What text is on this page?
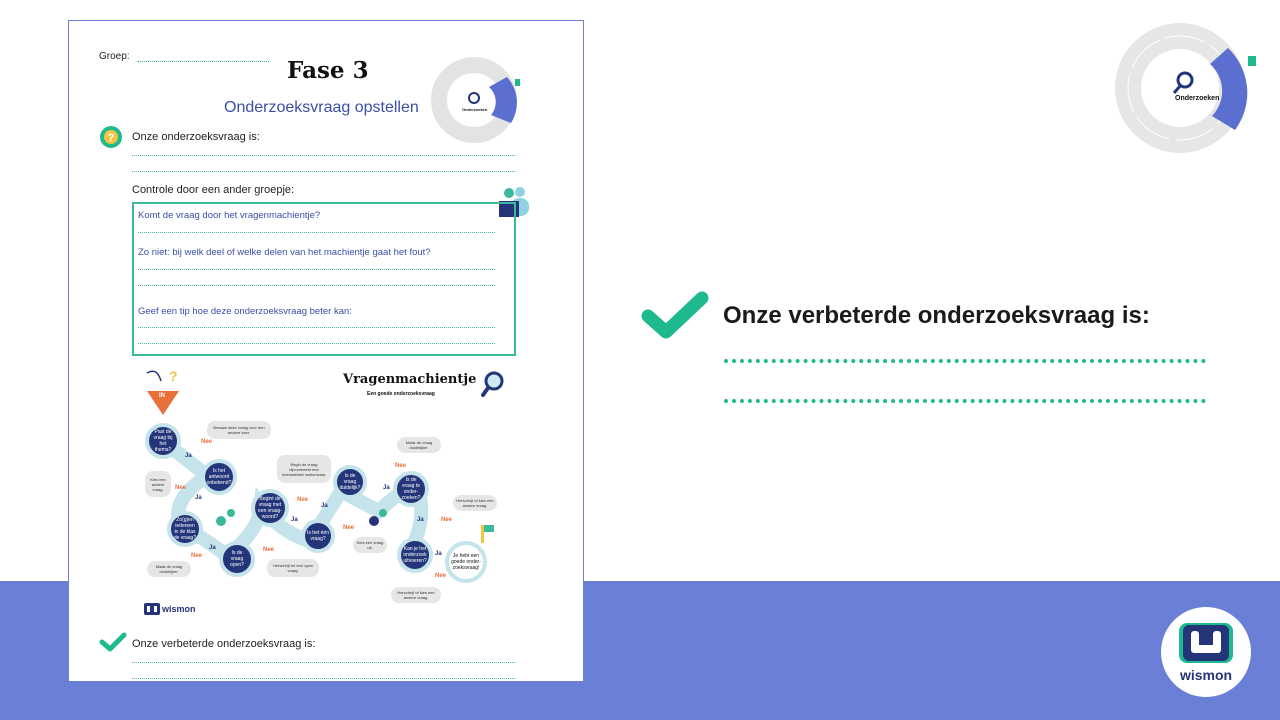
Groep:
Fase 3
Onderzoeksvraag opstellen	Onderzoeken
? Onze onderzoeksvraag is:
Controle door een ander groepje:
Komt de vraag door het vragenmachientje?
Zo niet: bij welk deel of welke delen van het machientje gaat het fout?
Geef een tip hoe deze onderzoeksvraag beter kan:
Vragenmachientje
Een goede onderzoeksvraag
?
IN
Past de vraag bij het thema?
Is het antwoord onbekend?
Zo(g)en iedereen in de klas de vraag?
Is de vraag open?
Begint de vraag met een vraag-woord?
Is het één vraag?
Is de vraag duidelijk?
Is de vraag te onder-zoeken?
Kan je het onderzoek uitvoeren?
Je hebt een goede onder-zoeksvraag!
Bewaar deze vraag voor een andere keer.
Kies een andere vraag.
Maak de vraag duidelijker.
Herschrijf tot een open vraag.
Begin de vraag bijvoorbeeld met hoe/wat/wie/ welke/waar.
Kies één vraag uit.
Maak de vraag duidelijker.
Herschrijf of kies een andere vraag.
Herschrijf of kies een andere vraag.
Nee
Ja
Nee
Ja
Ja
Nee
Nee
Ja
Nee
Ja
Nee
Ja
Nee
Ja	Nee
Ja
Nee
wismon
Onze verbeterde onderzoeksvraag is:
Onderzoeken
Onze verbeterde onderzoeksvraag is:
wismon
